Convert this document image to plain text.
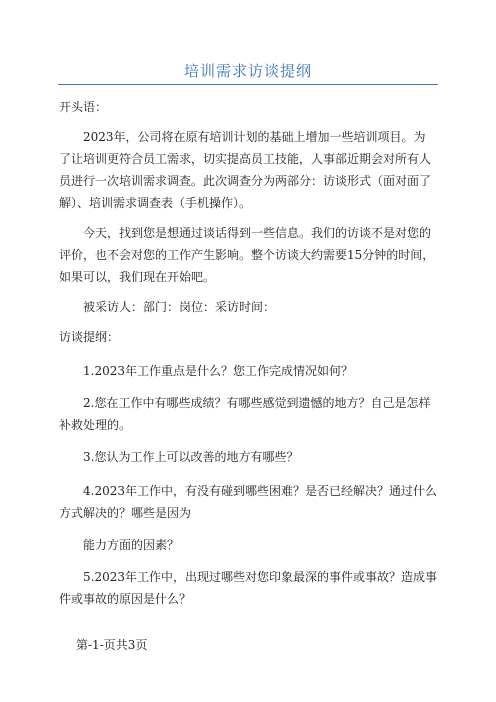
培训需求访谈提纲

开头语：

2023年，公司将在原有培训计划的基础上增加一些培训项目。为了让培训更符合员工需求，切实提高员工技能，人事部近期会对所有人员进行一次培训需求调查。此次调查分为两部分：访谈形式（面对面了解）、培训需求调查表（手机操作）。

今天，找到您是想通过谈话得到一些信息。我们的访谈不是对您的评价，也不会对您的工作产生影响。整个访谈大约需要15分钟的时间，如果可以，我们现在开始吧。

被采访人：部门：岗位：采访时间：

访谈提纲：

1.2023年工作重点是什么？您工作完成情况如何？

2.您在工作中有哪些成绩？有哪些感觉到遗憾的地方？自己是怎样补救处理的。

3.您认为工作上可以改善的地方有哪些？

4.2023年工作中，有没有碰到哪些困难？是否已经解决？通过什么方式解决的？哪些是因为

能力方面的因素？

5.2023年工作中，出现过哪些对您印象最深的事件或事故？造成事件或事故的原因是什么？

第-1-页共3页
